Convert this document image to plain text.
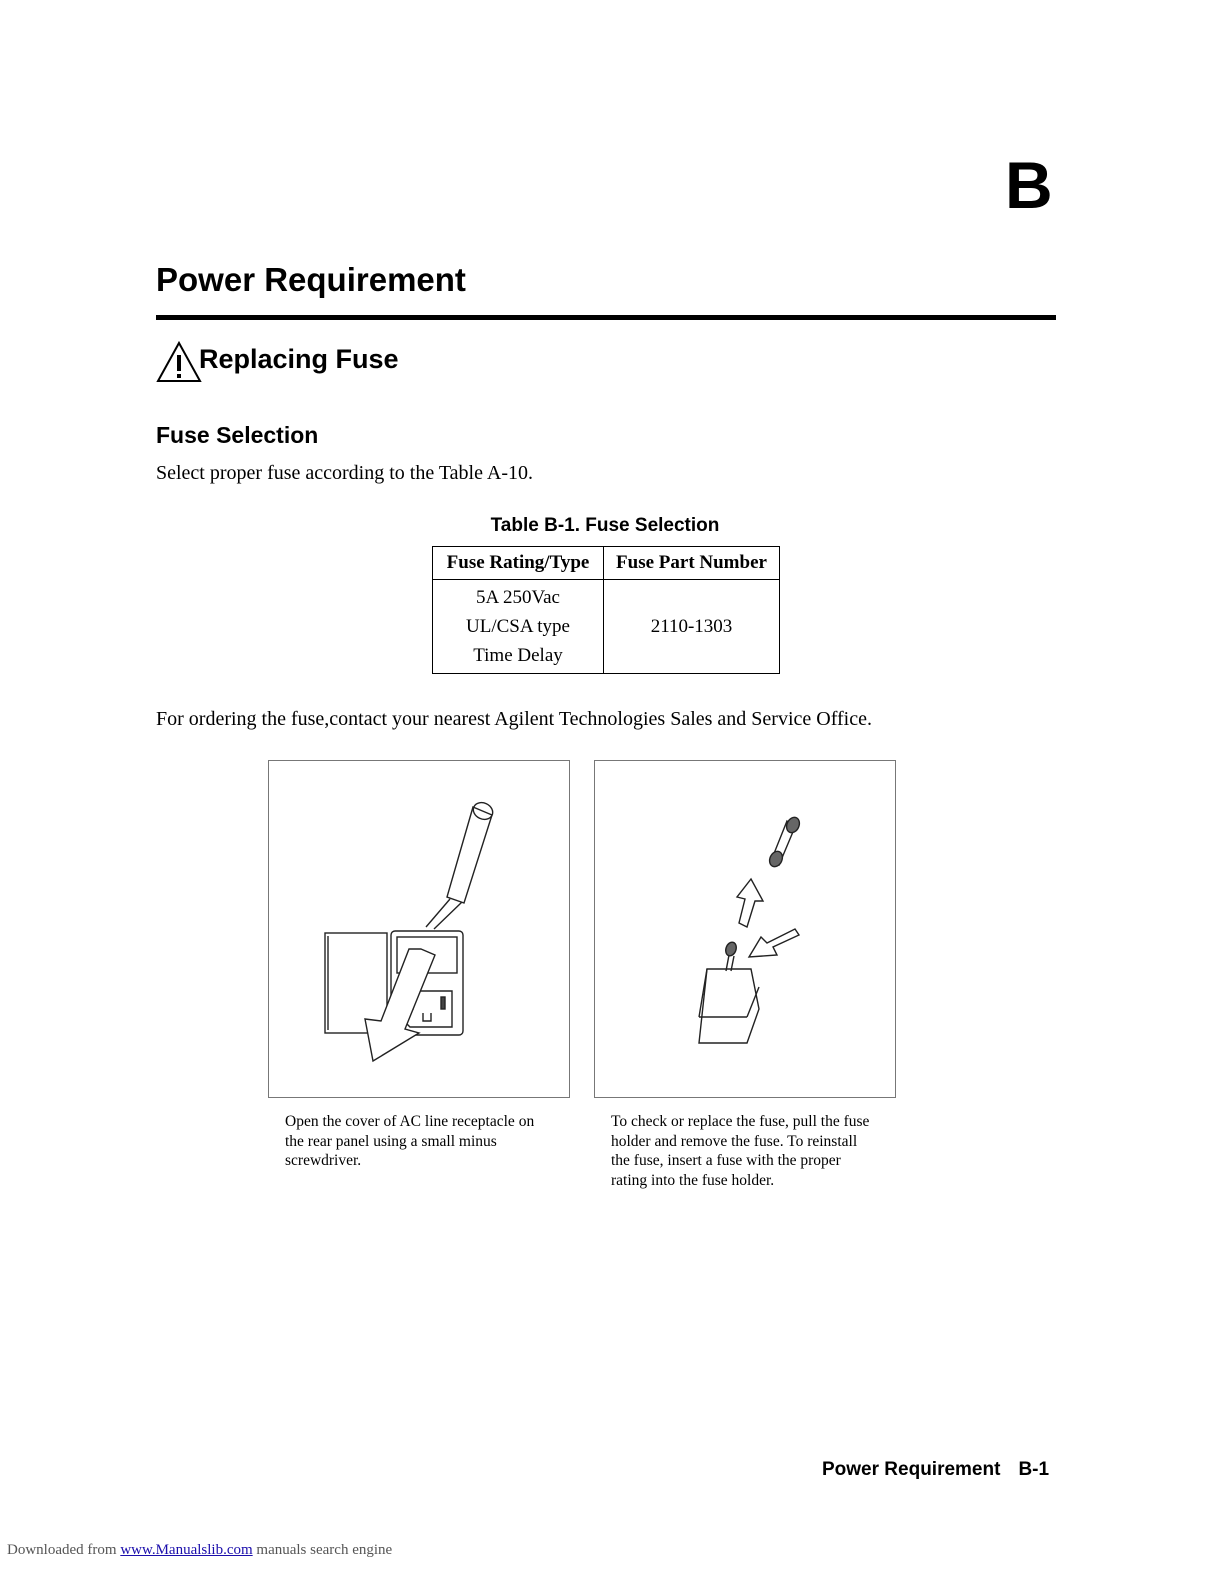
B
Power Requirement
Replacing Fuse
Fuse Selection
Select proper fuse according to the Table A-10.
Table B-1. Fuse Selection
Fuse Rating/Type	Fuse Part Number

5A 250Vac
UL/CSA type
Time Delay	2110-1303
For ordering the fuse,contact your nearest Agilent Technologies Sales and Service Office.
Open the cover of AC line receptacle on
the rear panel using a small minus
screwdriver.
To check or replace the fuse, pull the fuse
holder and remove the fuse. To reinstall
the fuse, insert a fuse with the proper
rating into the fuse holder.
Power Requirement B-1
Downloaded from www.Manualslib.com manuals search engine
